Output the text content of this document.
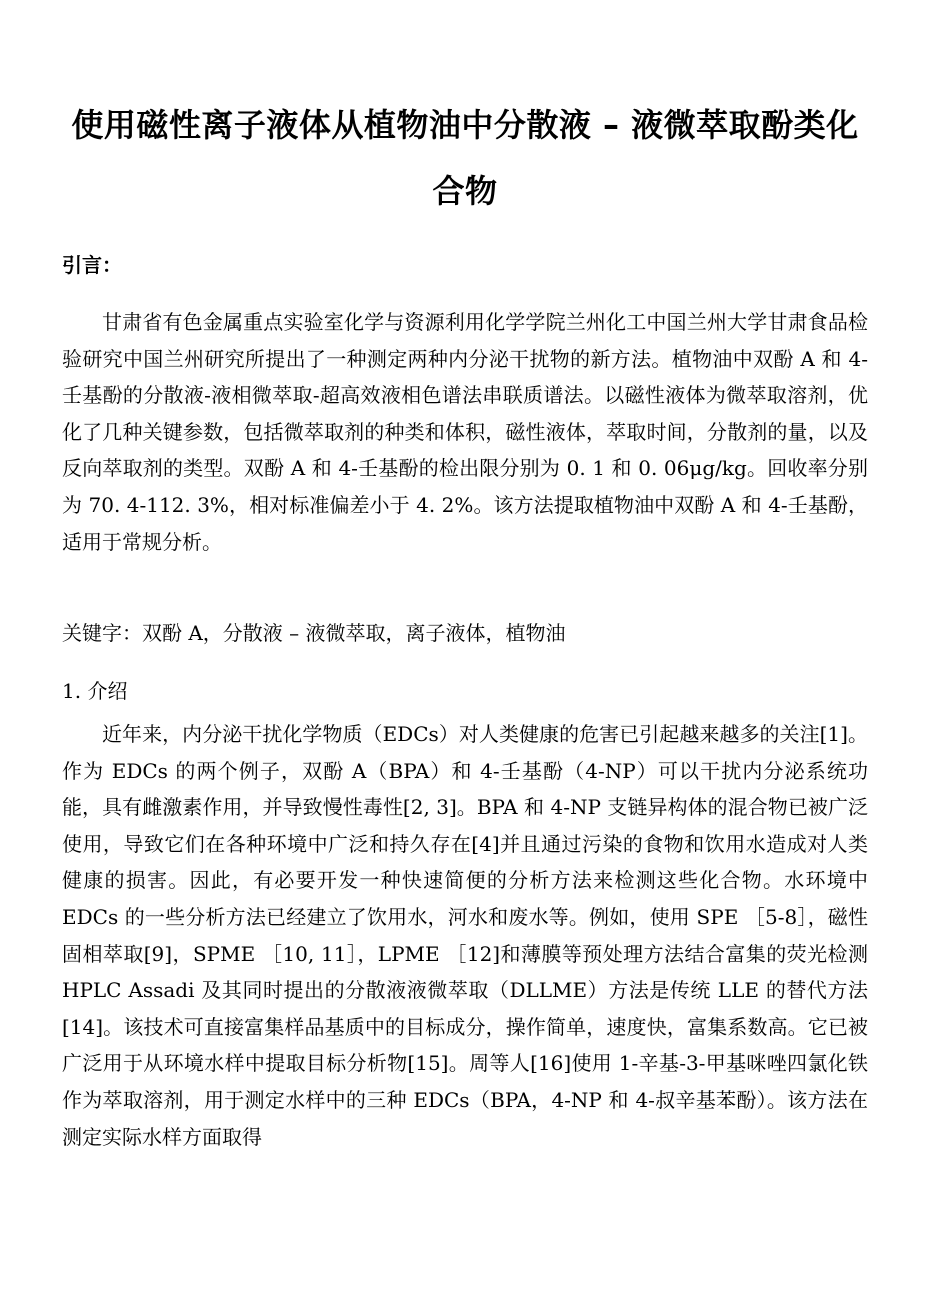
使用磁性离子液体从植物油中分散液 – 液微萃取酚类化合物
引言：

甘肃省有色金属重点实验室化学与资源利用化学学院兰州化工中国兰州大学甘肃食品检验研究中国兰州研究所提出了一种测定两种内分泌干扰物的新方法。植物油中双酚 A 和 4-壬基酚的分散液-液相微萃取-超高效液相色谱法串联质谱法。以磁性液体为微萃取溶剂，优化了几种关键参数，包括微萃取剂的种类和体积，磁性液体，萃取时间，分散剂的量，以及反向萃取剂的类型。双酚 A 和 4-壬基酚的检出限分别为 0. 1 和 0. 06μg/kg。回收率分别为 70. 4-112. 3%，相对标准偏差小于 4. 2%。该方法提取植物油中双酚 A 和 4-壬基酚，适用于常规分析。

关键字：双酚 A，分散液 – 液微萃取，离子液体，植物油

1. 介绍

近年来，内分泌干扰化学物质（EDCs）对人类健康的危害已引起越来越多的关注[1]。作为 EDCs 的两个例子，双酚 A（BPA）和 4-壬基酚（4-NP）可以干扰内分泌系统功能，具有雌激素作用，并导致慢性毒性[2, 3]。BPA 和 4-NP 支链异构体的混合物已被广泛使用，导致它们在各种环境中广泛和持久存在[4]并且通过污染的食物和饮用水造成对人类健康的损害。因此，有必要开发一种快速简便的分析方法来检测这些化合物。水环境中 EDCs 的一些分析方法已经建立了饮用水，河水和废水等。例如，使用 SPE ［5-8］，磁性固相萃取[9]，SPME ［10, 11］，LPME ［12]和薄膜等预处理方法结合富集的荧光检测 HPLC Assadi 及其同时提出的分散液液微萃取（DLLME）方法是传统 LLE 的替代方法[14]。该技术可直接富集样品基质中的目标成分，操作简单，速度快，富集系数高。它已被广泛用于从环境水样中提取目标分析物[15]。周等人[16]使用 1-辛基-3-甲基咪唑四氯化铁作为萃取溶剂，用于测定水样中的三种 EDCs（BPA，4-NP 和 4-叔辛基苯酚）。该方法在测定实际水样方面取得
